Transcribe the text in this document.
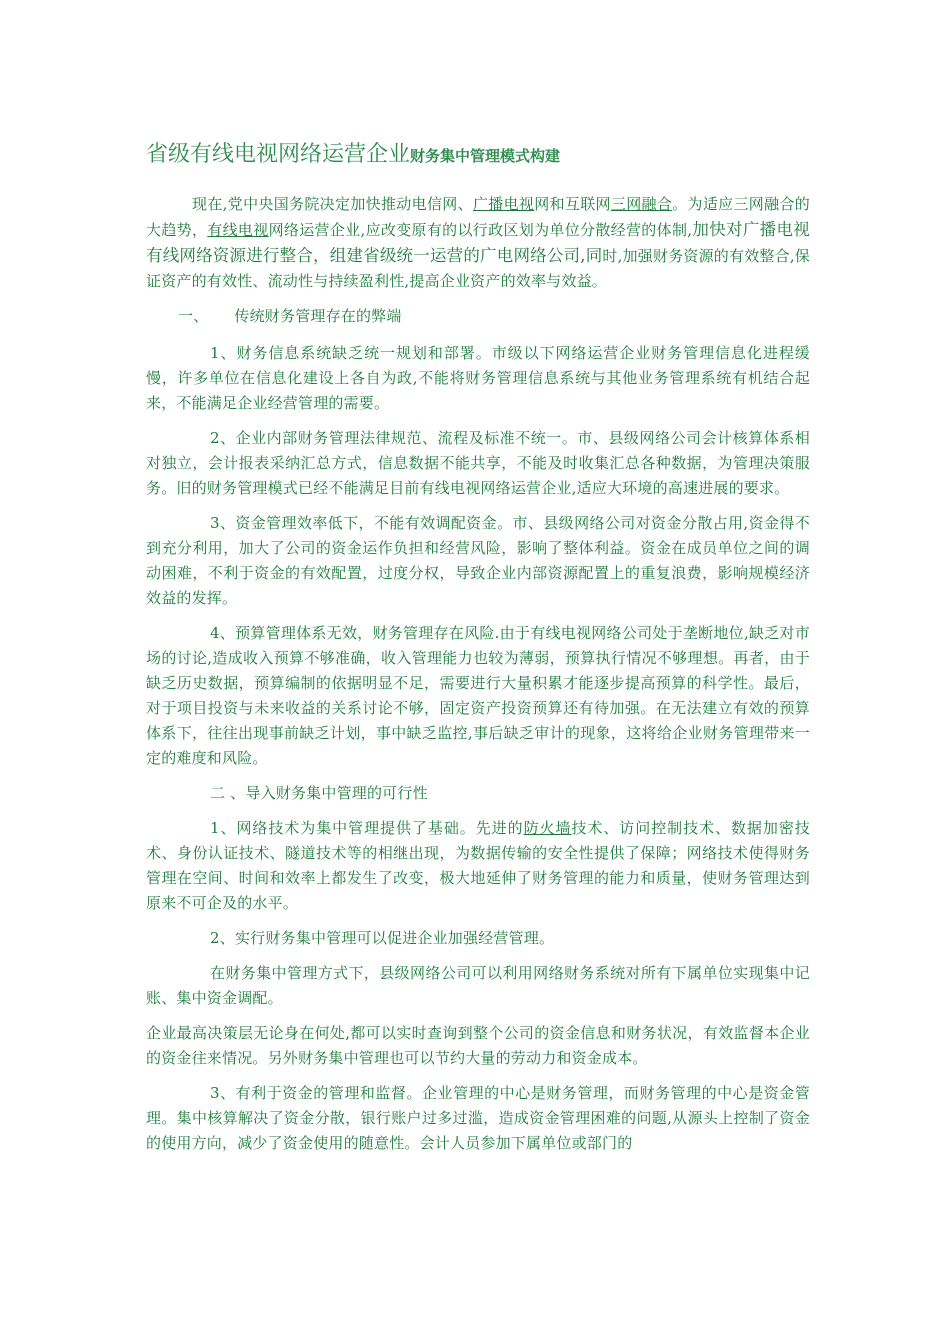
省级有线电视网络运营企业财务集中管理模式构建

现在,党中央国务院决定加快推动电信网、广播电视网和互联网三网融合。为适应三网融合的大趋势，有线电视网络运营企业,应改变原有的以行政区划为单位分散经营的体制,加快对广播电视有线网络资源进行整合，组建省级统一运营的广电网络公司,同时,加强财务资源的有效整合,保证资产的有效性、流动性与持续盈利性,提高企业资产的效率与效益。

一、 传统财务管理存在的弊端

1、财务信息系统缺乏统一规划和部署。市级以下网络运营企业财务管理信息化进程缓慢，许多单位在信息化建设上各自为政,不能将财务管理信息系统与其他业务管理系统有机结合起来，不能满足企业经营管理的需要。

2、企业内部财务管理法律规范、流程及标准不统一。市、县级网络公司会计核算体系相对独立，会计报表采纳汇总方式，信息数据不能共享，不能及时收集汇总各种数据，为管理决策服务。旧的财务管理模式已经不能满足目前有线电视网络运营企业,适应大环境的高速进展的要求。

3、资金管理效率低下，不能有效调配资金。市、县级网络公司对资金分散占用,资金得不到充分利用，加大了公司的资金运作负担和经营风险，影响了整体利益。资金在成员单位之间的调动困难，不利于资金的有效配置，过度分权，导致企业内部资源配置上的重复浪费，影响规模经济效益的发挥。

4、预算管理体系无效，财务管理存在风险.由于有线电视网络公司处于垄断地位,缺乏对市场的讨论,造成收入预算不够准确，收入管理能力也较为薄弱，预算执行情况不够理想。再者，由于缺乏历史数据，预算编制的依据明显不足，需要进行大量积累才能逐步提高预算的科学性。最后，对于项目投资与未来收益的关系讨论不够，固定资产投资预算还有待加强。在无法建立有效的预算体系下，往往出现事前缺乏计划，事中缺乏监控,事后缺乏审计的现象，这将给企业财务管理带来一定的难度和风险。

二 、导入财务集中管理的可行性

1、网络技术为集中管理提供了基础。先进的防火墙技术、访问控制技术、数据加密技术、身份认证技术、隧道技术等的相继出现，为数据传输的安全性提供了保障；网络技术使得财务管理在空间、时间和效率上都发生了改变，极大地延伸了财务管理的能力和质量，使财务管理达到原来不可企及的水平。

2、实行财务集中管理可以促进企业加强经营管理。

在财务集中管理方式下，县级网络公司可以利用网络财务系统对所有下属单位实现集中记账、集中资金调配。

企业最高决策层无论身在何处,都可以实时查询到整个公司的资金信息和财务状况，有效监督本企业的资金往来情况。另外财务集中管理也可以节约大量的劳动力和资金成本。

3、有利于资金的管理和监督。企业管理的中心是财务管理，而财务管理的中心是资金管理。集中核算解决了资金分散，银行账户过多过滥，造成资金管理困难的问题,从源头上控制了资金的使用方向，减少了资金使用的随意性。会计人员参加下属单位或部门的
